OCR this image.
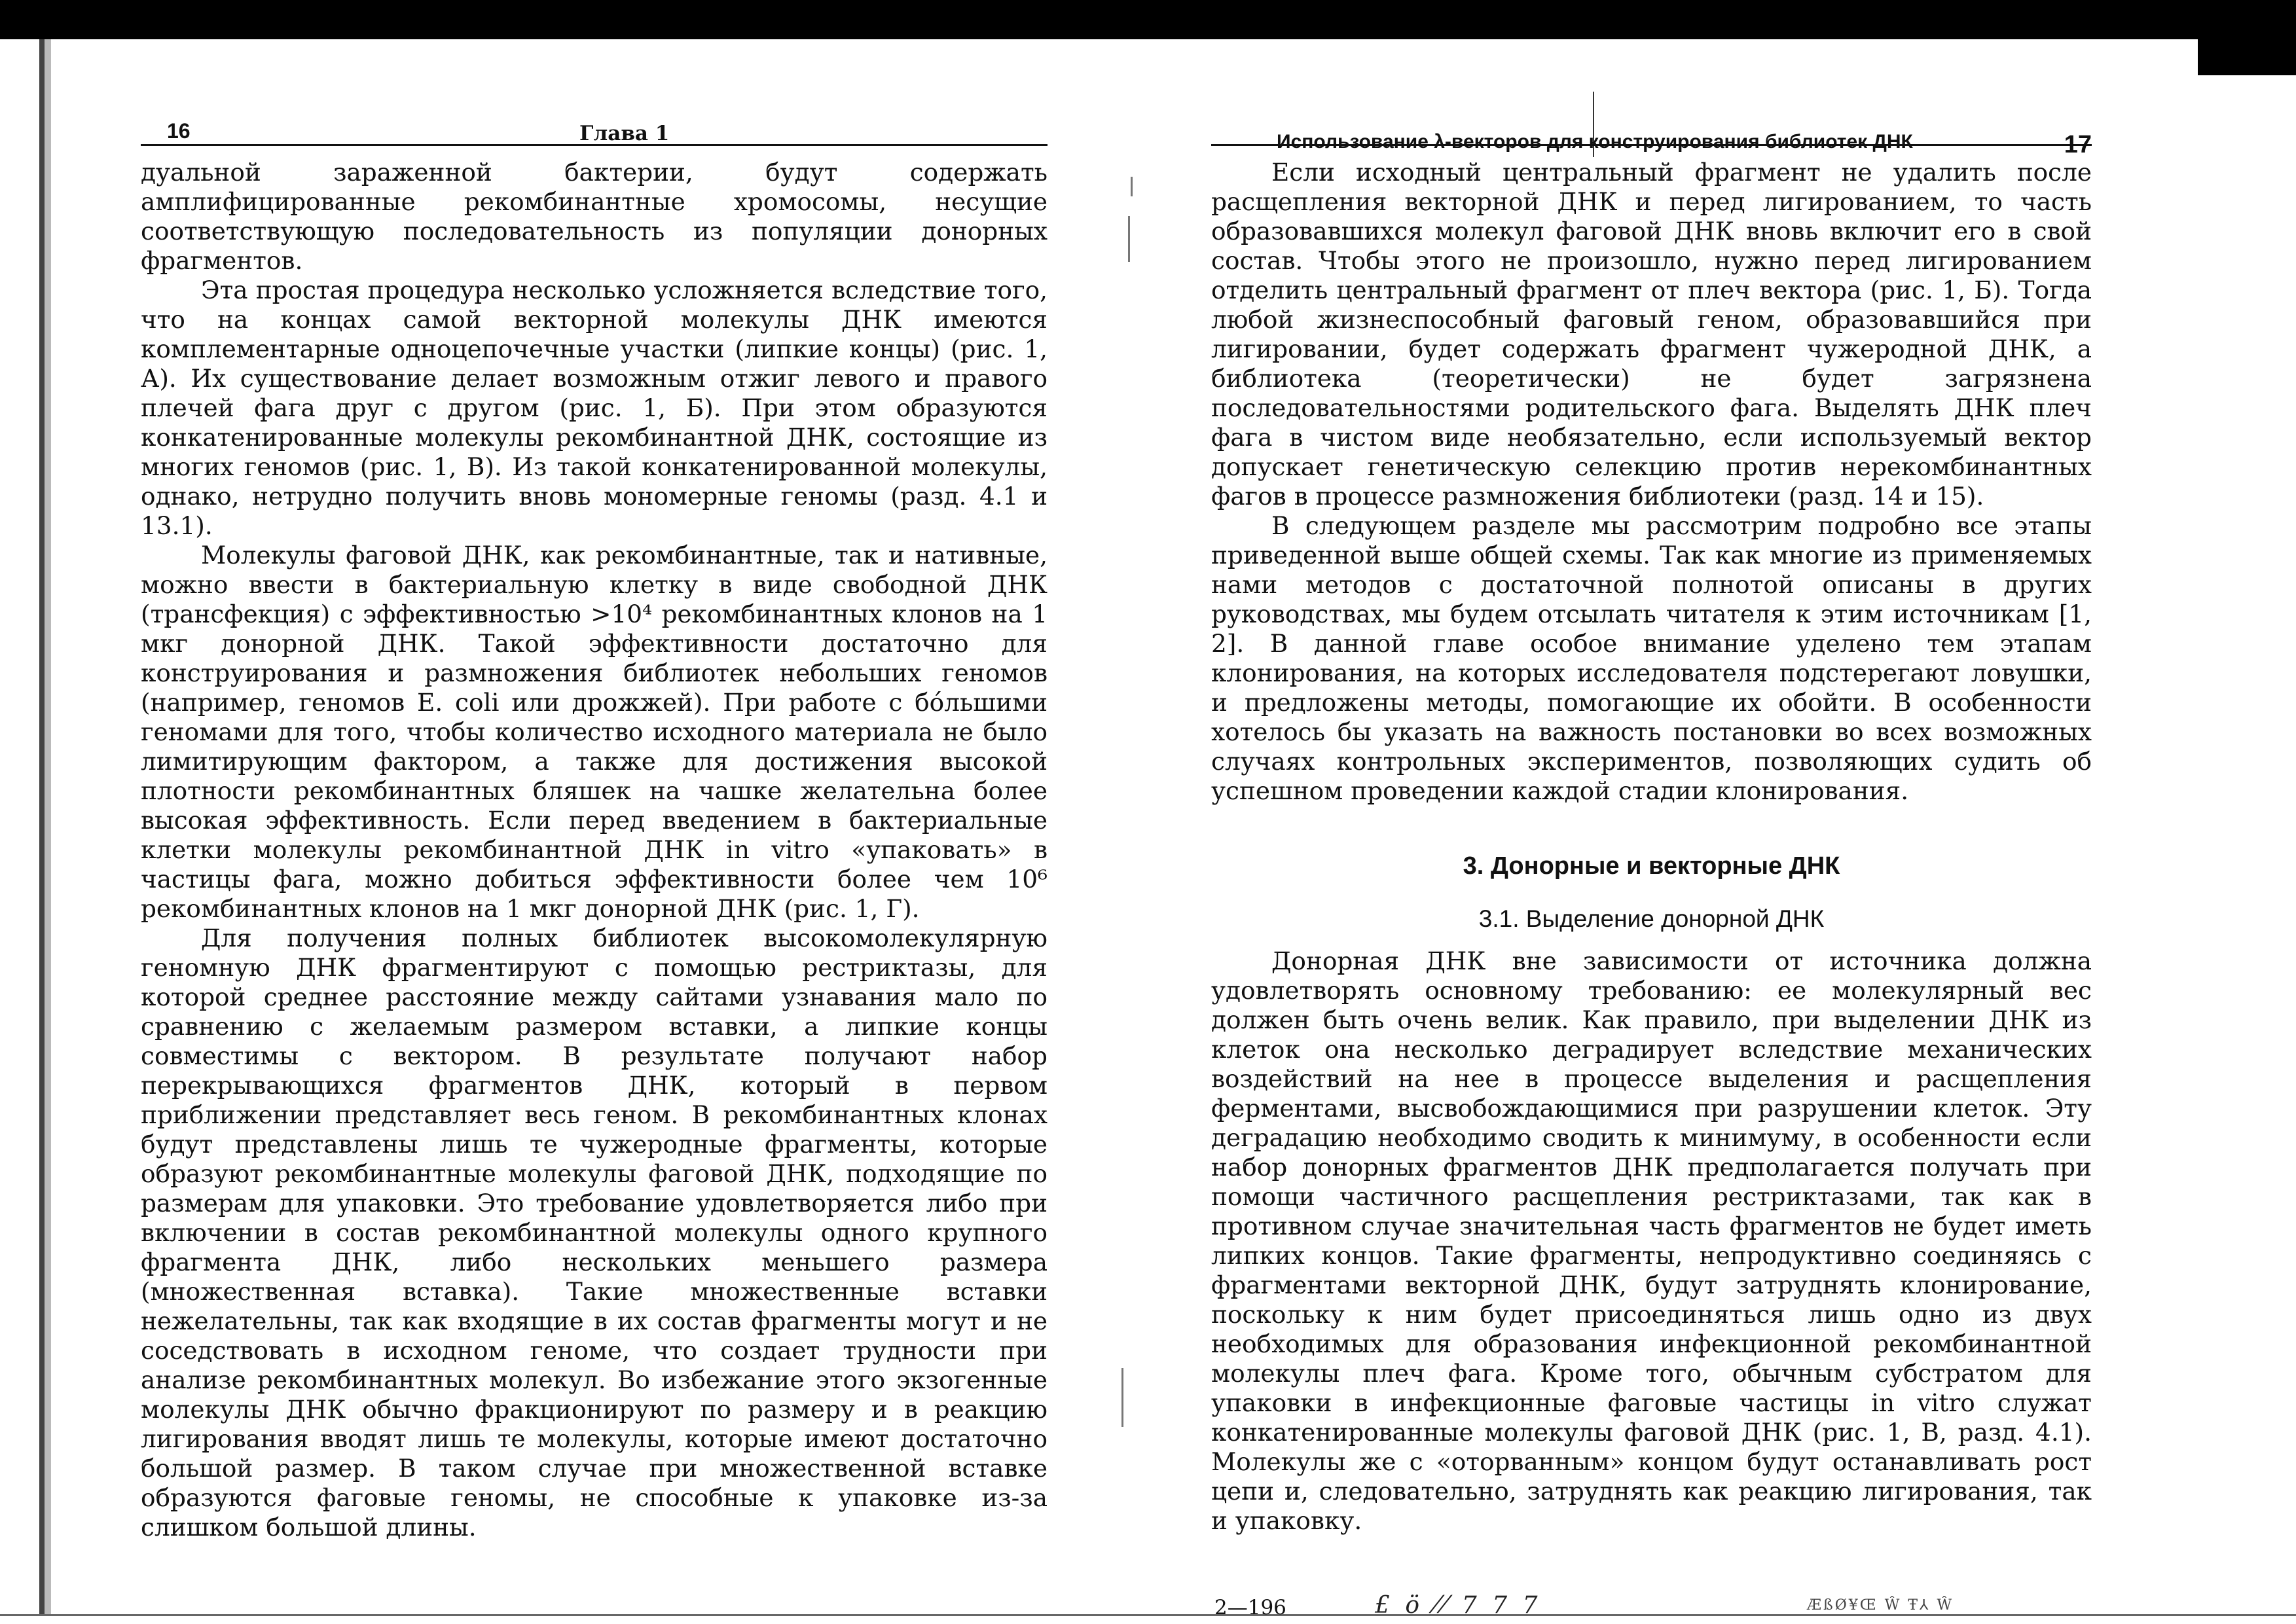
16	Глава 1

дуальной зараженной бактерии, будут содержать амплифицированные рекомбинантные хромосомы, несущие соответствующую последовательность из популяции донорных фрагментов.

Эта простая процедура несколько усложняется вследствие того, что на концах самой векторной молекулы ДНК имеются комплементарные одноцепочечные участки (липкие концы) (рис. 1, А). Их существование делает возможным отжиг левого и правого плечей фага друг с другом (рис. 1, Б). При этом образуются конкатенированные молекулы рекомбинантной ДНК, состоящие из многих геномов (рис. 1, В). Из такой конкатенированной молекулы, однако, нетрудно получить вновь мономерные геномы (разд. 4.1 и 13.1).

Молекулы фаговой ДНК, как рекомбинантные, так и нативные, можно ввести в бактериальную клетку в виде свободной ДНК (трансфекция) с эффективностью >10⁴ рекомбинантных клонов на 1 мкг донорной ДНК. Такой эффективности достаточно для конструирования и размножения библиотек небольших геномов (например, геномов E. coli или дрожжей). При работе с бóльшими геномами для того, чтобы количество исходного материала не было лимитирующим фактором, а также для достижения высокой плотности рекомбинантных бляшек на чашке желательна более высокая эффективность. Если перед введением в бактериальные клетки молекулы рекомбинантной ДНК in vitro «упаковать» в частицы фага, можно добиться эффективности более чем 10⁶ рекомбинантных клонов на 1 мкг донорной ДНК (рис. 1, Г).

Для получения полных библиотек высокомолекулярную геномную ДНК фрагментируют с помощью рестриктазы, для которой среднее расстояние между сайтами узнавания мало по сравнению с желаемым размером вставки, а липкие концы совместимы с вектором. В результате получают набор перекрывающихся фрагментов ДНК, который в первом приближении представляет весь геном. В рекомбинантных клонах будут представлены лишь те чужеродные фрагменты, которые образуют рекомбинантные молекулы фаговой ДНК, подходящие по размерам для упаковки. Это требование удовлетворяется либо при включении в состав рекомбинантной молекулы одного крупного фрагмента ДНК, либо нескольких меньшего размера (множественная вставка). Такие множественные вставки нежелательны, так как входящие в их состав фрагменты могут и не соседствовать в исходном геноме, что создает трудности при анализе рекомбинантных молекул. Во избежание этого экзогенные молекулы ДНК обычно фракционируют по размеру и в реакцию лигирования вводят лишь те молекулы, которые имеют достаточно большой размер. В таком случае при множественной вставке образуются фаговые геномы, не способные к упаковке из-за слишком большой длины.

Использование λ-векторов для конструирования библиотек ДНК	17

Если исходный центральный фрагмент не удалить после расщепления векторной ДНК и перед лигированием, то часть образовавшихся молекул фаговой ДНК вновь включит его в свой состав. Чтобы этого не произошло, нужно перед лигированием отделить центральный фрагмент от плеч вектора (рис. 1, Б). Тогда любой жизнеспособный фаговый геном, образовавшийся при лигировании, будет содержать фрагмент чужеродной ДНК, а библиотека (теоретически) не будет загрязнена последовательностями родительского фага. Выделять ДНК плеч фага в чистом виде необязательно, если используемый вектор допускает генетическую селекцию против нерекомбинантных фагов в процессе размножения библиотеки (разд. 14 и 15).

В следующем разделе мы рассмотрим подробно все этапы приведенной выше общей схемы. Так как многие из применяемых нами методов с достаточной полнотой описаны в других руководствах, мы будем отсылать читателя к этим источникам [1, 2]. В данной главе особое внимание уделено тем этапам клонирования, на которых исследователя подстерегают ловушки, и предложены методы, помогающие их обойти. В особенности хотелось бы указать на важность постановки во всех возможных случаях контрольных экспериментов, позволяющих судить об успешном проведении каждой стадии клонирования.

3. Донорные и векторные ДНК
3.1. Выделение донорной ДНК

Донорная ДНК вне зависимости от источника должна удовлетворять основному требованию: ее молекулярный вес должен быть очень велик. Как правило, при выделении ДНК из клеток она несколько деградирует вследствие механических воздействий на нее в процессе выделения и расщепления ферментами, высвобождающимися при разрушении клеток. Эту деградацию необходимо сводить к минимуму, в особенности если набор донорных фрагментов ДНК предполагается получать при помощи частичного расщепления рестриктазами, так как в противном случае значительная часть фрагментов не будет иметь липких концов. Такие фрагменты, непродуктивно соединяясь с фрагментами векторной ДНК, будут затруднять клонирование, поскольку к ним будет присоединяться лишь одно из двух необходимых для образования инфекционной рекомбинантной молекулы плеч фага. Кроме того, обычным субстратом для упаковки в инфекционные фаговые частицы in vitro служат конкатенированные молекулы фаговой ДНК (рис. 1, В, разд. 4.1). Молекулы же с «оторванным» концом будут останавливать рост цепи и, следовательно, затруднять как реакцию лигирования, так и упаковку.

2—196	£ ö ⁄⁄ 7 7 7	ÆßØ¥Œ Ŵ Ŧ⅄ Ŵ
